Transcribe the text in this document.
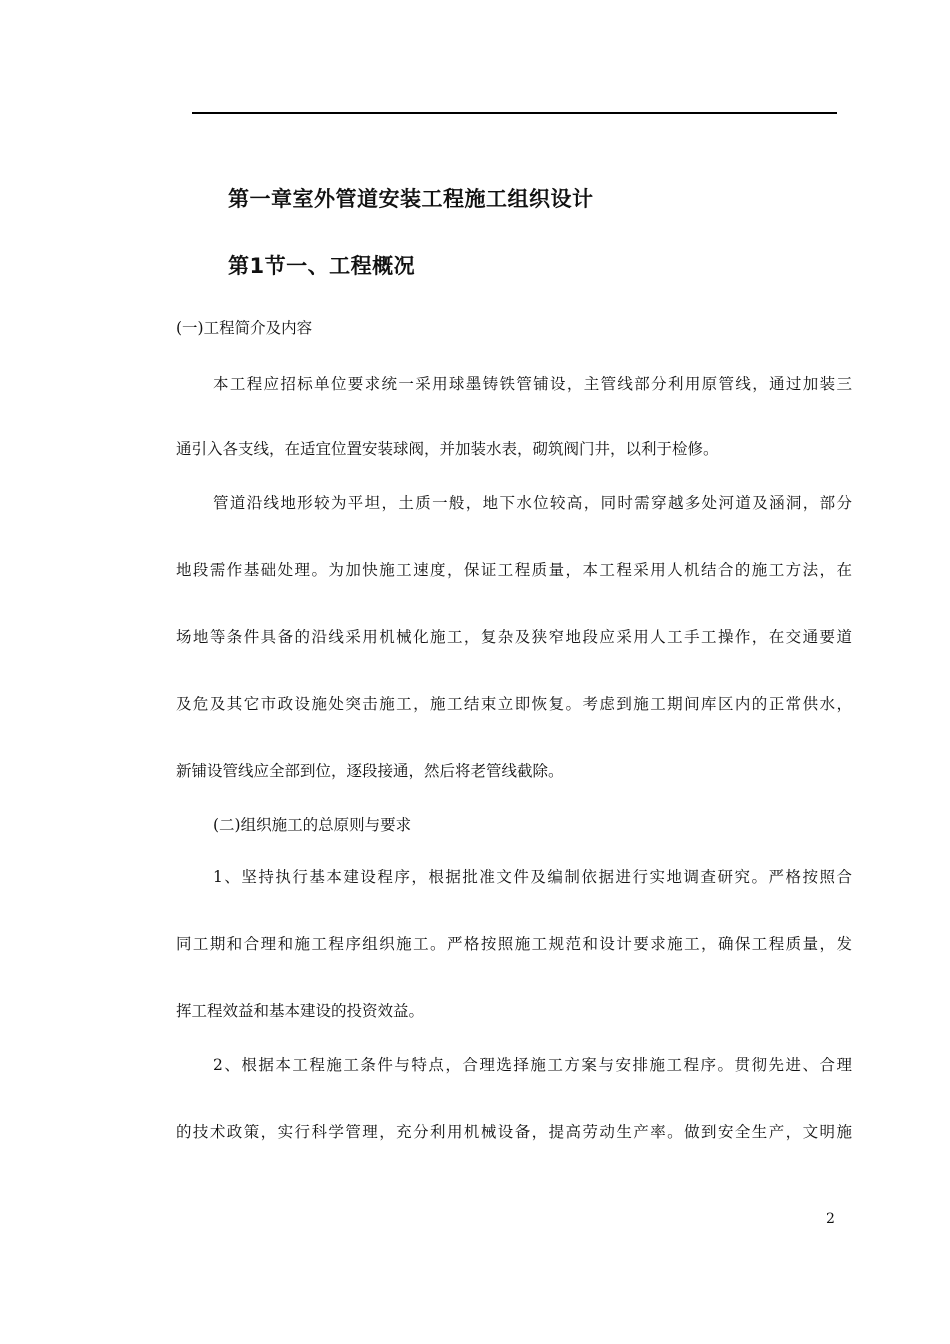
第一章室外管道安装工程施工组织设计
第1节一、工程概况
(一)工程简介及内容
本工程应招标单位要求统一采用球墨铸铁管铺设，主管线部分利用原管线，通过加装三
通引入各支线，在适宜位置安装球阀，并加装水表，砌筑阀门井，以利于检修。
管道沿线地形较为平坦，土质一般，地下水位较高，同时需穿越多处河道及涵洞，部分
地段需作基础处理。为加快施工速度，保证工程质量，本工程采用人机结合的施工方法，在
场地等条件具备的沿线采用机械化施工，复杂及狭窄地段应采用人工手工操作，在交通要道
及危及其它市政设施处突击施工，施工结束立即恢复。考虑到施工期间库区内的正常供水，
新铺设管线应全部到位，逐段接通，然后将老管线截除。
(二)组织施工的总原则与要求
1、坚持执行基本建设程序，根据批准文件及编制依据进行实地调查研究。严格按照合
同工期和合理和施工程序组织施工。严格按照施工规范和设计要求施工，确保工程质量，发
挥工程效益和基本建设的投资效益。
2、根据本工程施工条件与特点，合理选择施工方案与安排施工程序。贯彻先进、合理
的技术政策，实行科学管理，充分利用机械设备，提高劳动生产率。做到安全生产，文明施
2
